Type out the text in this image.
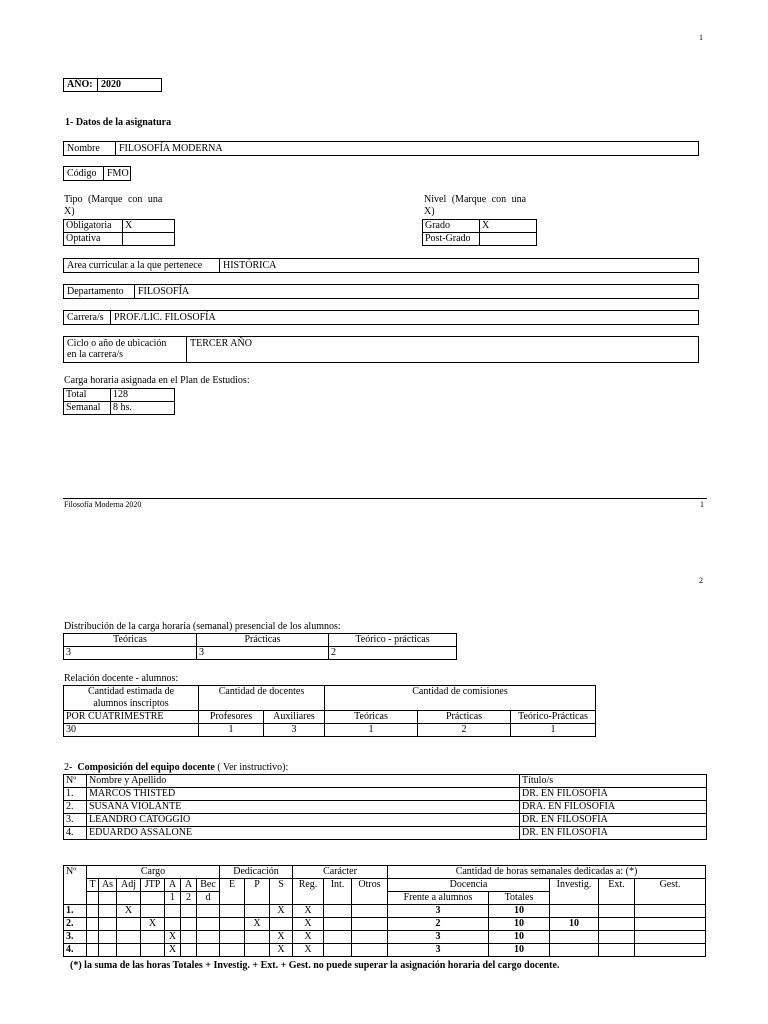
1
AÑO: 2020
1- Datos de la asignatura
Nombre FILOSOFÍA MODERNA
Código FMO
Tipo (Marque con una
X)
Obligatoria	X
Optativa	
Nivel (Marque con una
X)
Grado	X
Post-Grado	
Area curricular a la que pertenece HISTÓRICA
Departamento FILOSOFÍA
Carrera/s PROF./LIC. FILOSOFÍA
Ciclo o año de ubicación
en la carrera/s
TERCER AÑO
Carga horaria asignada en el Plan de Estudios:
Total	128
Semanal	8 hs.
Filosofía Moderna 2020	1
2
Distribución de la carga horaria (semanal) presencial de los alumnos:
Teóricas	Prácticas	Teórico - prácticas
3	3	2
Relación docente - alumnos:
Cantidad estimada de
alumnos inscriptos	Cantidad de docentes		Cantidad de comisiones		
POR CUATRIMESTRE	Profesores	Auxiliares	Teóricas	Prácticas	Teórico-Prácticas
30	1	3	1	2	1
2- Composición del equipo docente ( Ver instructivo):
Nº	Nombre y Apellido	Título/s
1.	MARCOS THISTED	DR. EN FILOSOFÍA
2.	SUSANA VIOLANTE	DRA. EN FILOSOFIA
3.	LEANDRO CATOGGIO	DR. EN FILOSOFÍA
4.	EDUARDO ASSALONE	DR. EN FILOSOFÍA
Nº	Cargo							Dedicación			Carácter			Cantidad de horas semanales dedicadas a: (*)				
	T	As	Adj	JTP	A	A	Bec	E	P	S	Reg.	Int.	Otros	Docencia		Investig.	Ext.	Gest.
					1	2	d							Frente a alumnos	Totales			
1.			X							X	X			3	10			
2.				X					X		X			2	10	10		
3.					X					X	X			3	10			
4.					X					X	X			3	10			
(*) la suma de las horas Totales + Investig. + Ext. + Gest. no puede superar la asignación horaria del cargo docente.
